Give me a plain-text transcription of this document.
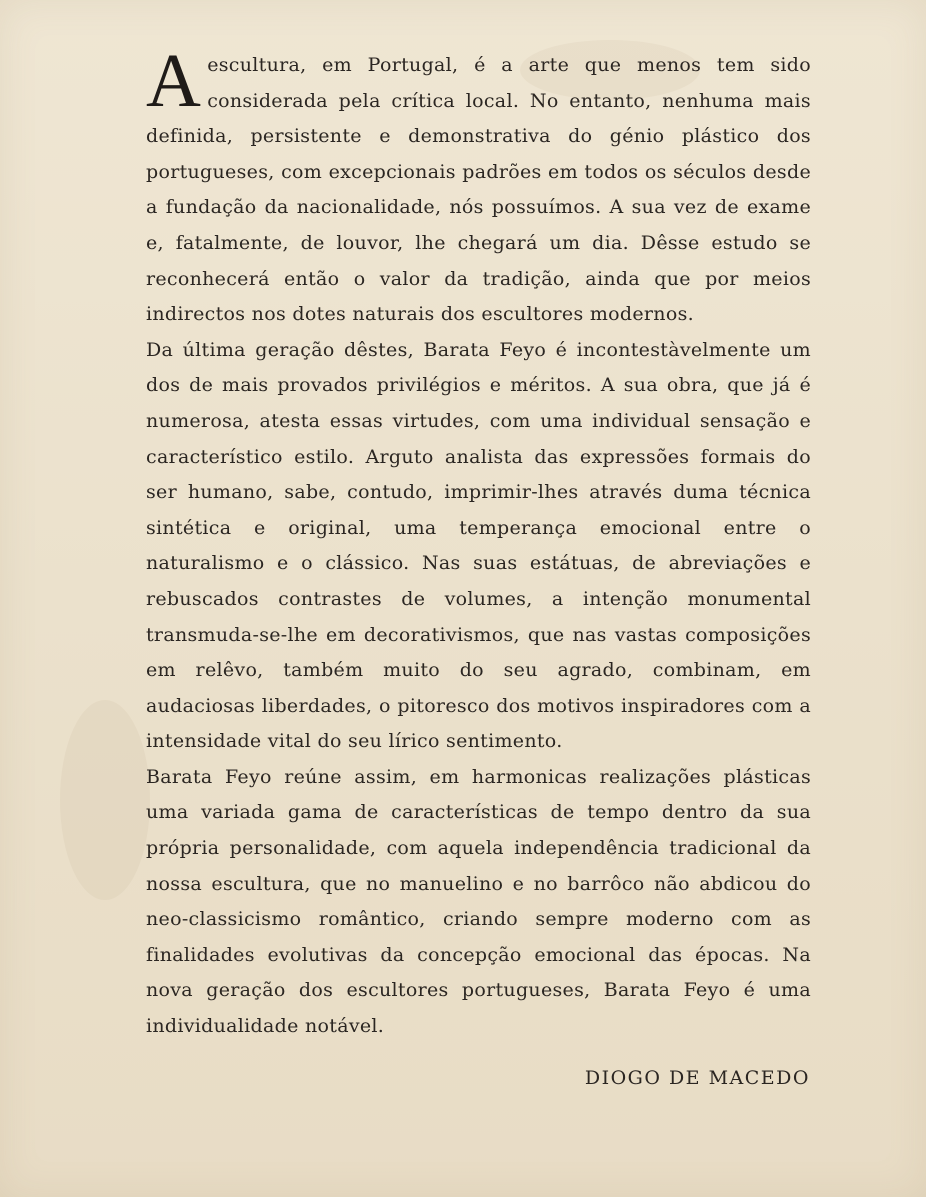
Aescultura, em Portugal, é a arte que menos tem sido considerada pela crítica local. No entanto, nenhuma mais definida, persistente e demonstrativa do génio plástico dos portugueses, com excepcionais padrões em todos os séculos desde a fundação da nacionalidade, nós possuímos. A sua vez de exame e, fatalmente, de louvor, lhe chegará um dia. Dêsse estudo se reconhecerá então o valor da tradição, ainda que por meios indirectos nos dotes naturais dos escultores modernos.

Da última geração dêstes, Barata Feyo é incontestàvelmente um dos de mais provados privilégios e méritos. A sua obra, que já é numerosa, atesta essas virtudes, com uma individual sensação e característico estilo. Arguto analista das expressões formais do ser humano, sabe, contudo, imprimir-lhes através duma técnica sintética e original, uma temperança emocional entre o naturalismo e o clássico. Nas suas estátuas, de abreviações e rebuscados contrastes de volumes, a intenção monumental transmuda-se-lhe em decorativismos, que nas vastas composições em relêvo, também muito do seu agrado, combinam, em audaciosas liberdades, o pitoresco dos motivos inspiradores com a intensidade vital do seu lírico sentimento.

Barata Feyo reúne assim, em harmonicas realizações plásticas uma variada gama de características de tempo dentro da sua própria personalidade, com aquela independência tradicional da nossa escultura, que no manuelino e no barrôco não abdicou do neo-classicismo romântico, criando sempre moderno com as finalidades evolutivas da concepção emocional das épocas. Na nova geração dos escultores portugueses, Barata Feyo é uma individualidade notável.

DIOGO DE MACEDO
